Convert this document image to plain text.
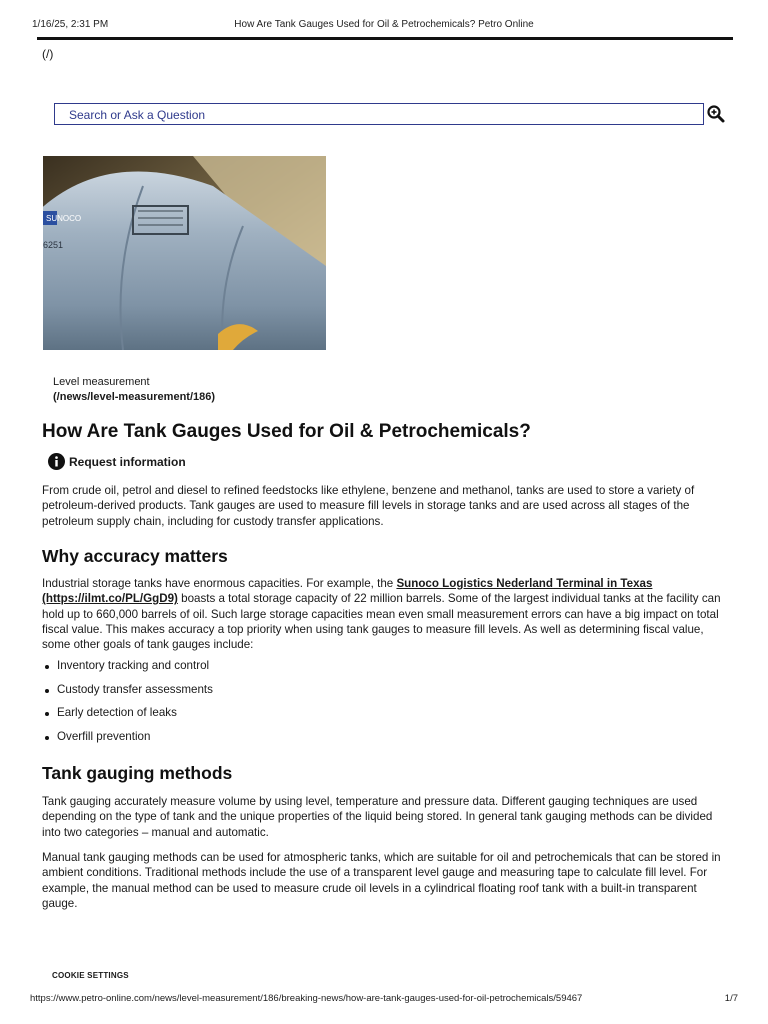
1/16/25, 2:31 PM	How Are Tank Gauges Used for Oil & Petrochemicals? Petro Online
(/)
Search or Ask a Question
SUNOCO
6251
Level measurement
(/news/level-measurement/186)
How Are Tank Gauges Used for Oil & Petrochemicals?
Request information

From crude oil, petrol and diesel to refined feedstocks like ethylene, benzene and methanol, tanks are used to store a variety of petroleum-derived products. Tank gauges are used to measure fill levels in storage tanks and are used across all stages of the petroleum supply chain, including for custody transfer applications.

Why accuracy matters

Industrial storage tanks have enormous capacities. For example, the Sunoco Logistics Nederland Terminal in Texas (https://ilmt.co/PL/GgD9) boasts a total storage capacity of 22 million barrels. Some of the largest individual tanks at the facility can hold up to 660,000 barrels of oil. Such large storage capacities mean even small measurement errors can have a big impact on total fiscal value. This makes accuracy a top priority when using tank gauges to measure fill levels. As well as determining fiscal value, some other goals of tank gauges include:

Inventory tracking and control
Custody transfer assessments
Early detection of leaks
Overfill prevention
Tank gauging methods

Tank gauging accurately measure volume by using level, temperature and pressure data. Different gauging techniques are used depending on the type of tank and the unique properties of the liquid being stored. In general tank gauging methods can be divided into two categories – manual and automatic.

Manual tank gauging methods can be used for atmospheric tanks, which are suitable for oil and petrochemicals that can be stored in ambient conditions. Traditional methods include the use of a transparent level gauge and measuring tape to calculate fill level. For example, the manual method can be used to measure crude oil levels in a cylindrical floating roof tank with a built-in transparent gauge.

COOKIE SETTINGS
https://www.petro-online.com/news/level-measurement/186/breaking-news/how-are-tank-gauges-used-for-oil-petrochemicals/59467	1/7
